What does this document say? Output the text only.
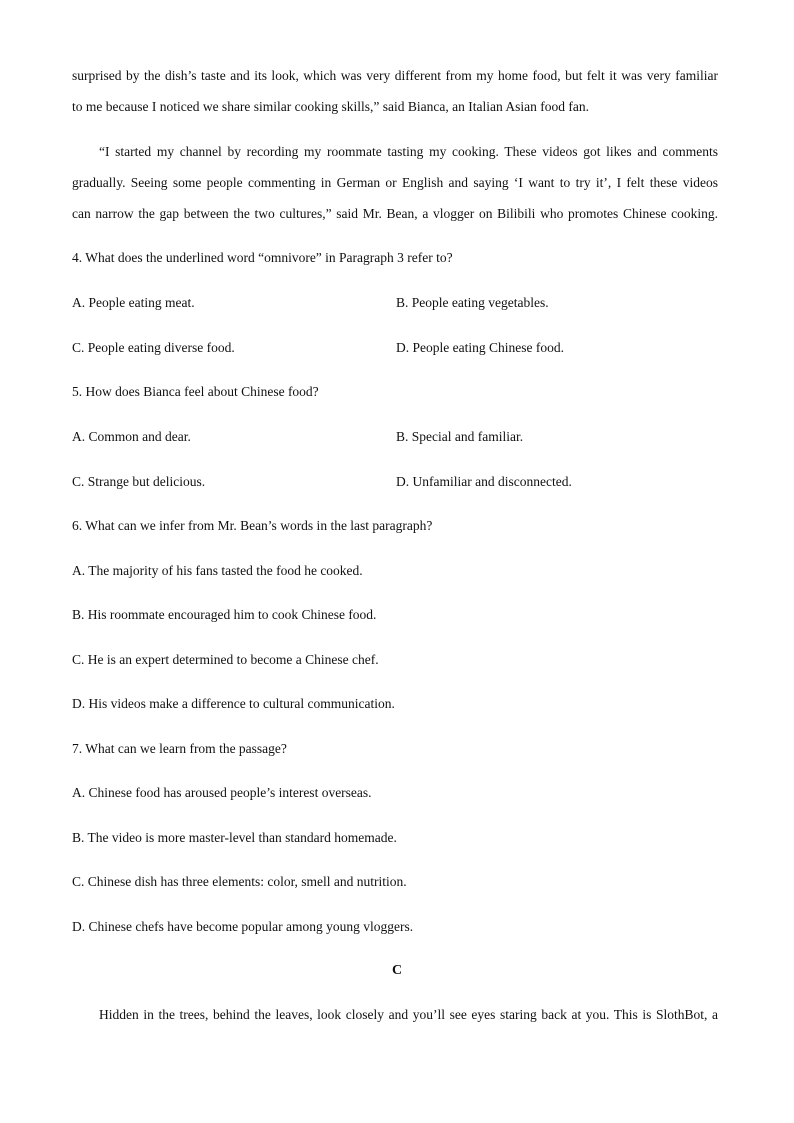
surprised by the dish’s taste and its look, which was very different from my home food, but felt it was very familiar
to me because I noticed we share similar cooking skills,” said Bianca, an Italian Asian food fan.
“I started my channel by recording my roommate tasting my cooking. These videos got likes and comments
gradually. Seeing some people commenting in German or English and saying ‘I want to try it’, I felt these videos
can narrow the gap between the two cultures,” said Mr. Bean, a vlogger on Bilibili who promotes Chinese cooking.
4. What does the underlined word “omnivore” in Paragraph 3 refer to?
A. People eating meat.	B. People eating vegetables.
C. People eating diverse food.	D. People eating Chinese food.
5. How does Bianca feel about Chinese food?
A. Common and dear.	B. Special and familiar.
C. Strange but delicious.	D. Unfamiliar and disconnected.
6. What can we infer from Mr. Bean’s words in the last paragraph?
A. The majority of his fans tasted the food he cooked.
B. His roommate encouraged him to cook Chinese food.
C. He is an expert determined to become a Chinese chef.
D. His videos make a difference to cultural communication.
7. What can we learn from the passage?
A. Chinese food has aroused people’s interest overseas.
B. The video is more master-level than standard homemade.
C. Chinese dish has three elements: color, smell and nutrition.
D. Chinese chefs have become popular among young vloggers.
C
Hidden in the trees, behind the leaves, look closely and you’ll see eyes staring back at you. This is SlothBot, a
